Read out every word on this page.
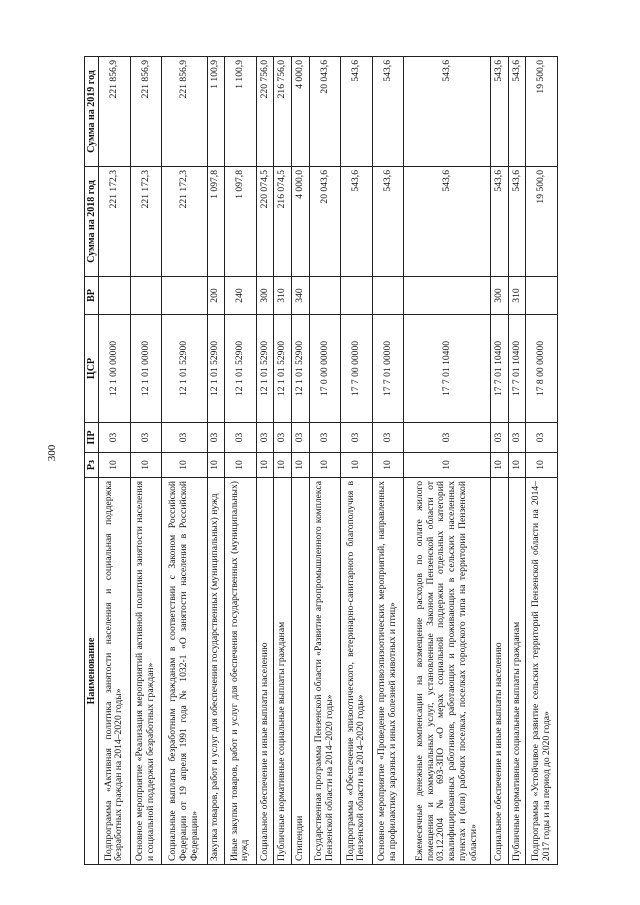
300
Наименование	Рз	ПР	ЦСР	ВР	Сумма на 2018 год	Сумма на 2019 год
Подпрограмма «Активная политика занятости населения и социальная поддержка безработных граждан на 2014–2020 годы»	10	03	12 1 00 00000		221 172,3	221 856,9
Основное мероприятие «Реализация мероприятий активной политики занятости населения и социальной поддержки безработных граждан»	10	03	12 1 01 00000		221 172,3	221 856,9
Социальные выплаты безработным гражданам в соответствии с Законом Российской Федерации от 19 апреля 1991 года № 1032-1 «О занятости населения в Российской Федерации»	10	03	12 1 01 52900		221 172,3	221 856,9
Закупка товаров, работ и услуг для обеспечения государственных (муниципальных) нужд	10	03	12 1 01 52900	200	1 097,8	1 100,9
Иные закупки товаров, работ и услуг для обеспечения государственных (муниципальных) нужд	10	03	12 1 01 52900	240	1 097,8	1 100,9
Социальное обеспечение и иные выплаты населению	10	03	12 1 01 52900	300	220 074,5	220 756,0
Публичные нормативные социальные выплаты гражданам	10	03	12 1 01 52900	310	216 074,5	216 756,0
Стипендии	10	03	12 1 01 52900	340	4 000,0	4 000,0
Государственная программа Пензенской области «Развитие агропромышленного комплекса Пензенской области на 2014–2020 годы»	10	03	17 0 00 00000		20 043,6	20 043,6
Подпрограмма «Обеспечение эпизоотического, ветеринарно-санитарного благополучия в Пензенской области на 2014–2020 годы»	10	03	17 7 00 00000		543,6	543,6
Основное мероприятие «Проведение противоэпизоотических мероприятий, направленных на профилактику заразных и иных болезней животных и птиц»	10	03	17 7 01 00000		543,6	543,6
Ежемесячные денежные компенсации на возмещение расходов по оплате жилого помещения и коммунальных услуг, установленные Законом Пензенской области от 03.12.2004 № 693-ЗПО «О мерах социальной поддержки отдельных категорий квалифицированных работников, работающих и проживающих в сельских населенных пунктах и (или) рабочих поселках, поселках городского типа на территории Пензенской области»	10	03	17 7 01 10400		543,6	543,6
Социальное обеспечение и иные выплаты населению	10	03	17 7 01 10400	300	543,6	543,6
Публичные нормативные социальные выплаты гражданам	10	03	17 7 01 10400	310	543,6	543,6
Подпрограмма «Устойчивое развитие сельских территорий Пензенской области на 2014–2017 годы и на период до 2020 года»	10	03	17 8 00 00000		19 500,0	19 500,0
